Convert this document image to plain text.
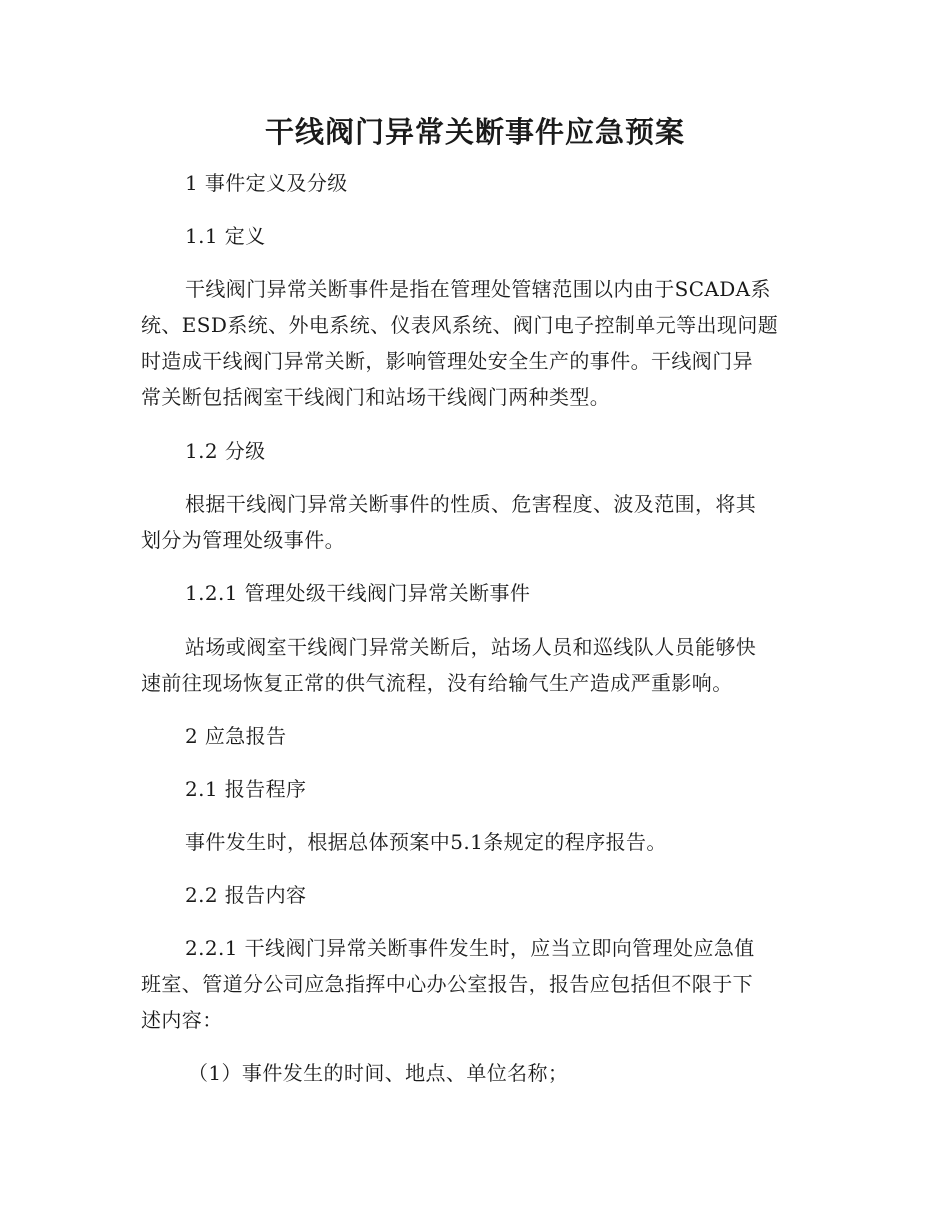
干线阀门异常关断事件应急预案
1 事件定义及分级
1.1 定义
干线阀门异常关断事件是指在管理处管辖范围以内由于SCADA系
统、ESD系统、外电系统、仪表风系统、阀门电子控制单元等出现问题
时造成干线阀门异常关断，影响管理处安全生产的事件。干线阀门异
常关断包括阀室干线阀门和站场干线阀门两种类型。
1.2 分级
根据干线阀门异常关断事件的性质、危害程度、波及范围，将其
划分为管理处级事件。
1.2.1 管理处级干线阀门异常关断事件
站场或阀室干线阀门异常关断后，站场人员和巡线队人员能够快
速前往现场恢复正常的供气流程，没有给输气生产造成严重影响。
2 应急报告
2.1 报告程序
事件发生时，根据总体预案中5.1条规定的程序报告。
2.2 报告内容
2.2.1 干线阀门异常关断事件发生时，应当立即向管理处应急值
班室、管道分公司应急指挥中心办公室报告，报告应包括但不限于下
述内容：
（1）事件发生的时间、地点、单位名称；
